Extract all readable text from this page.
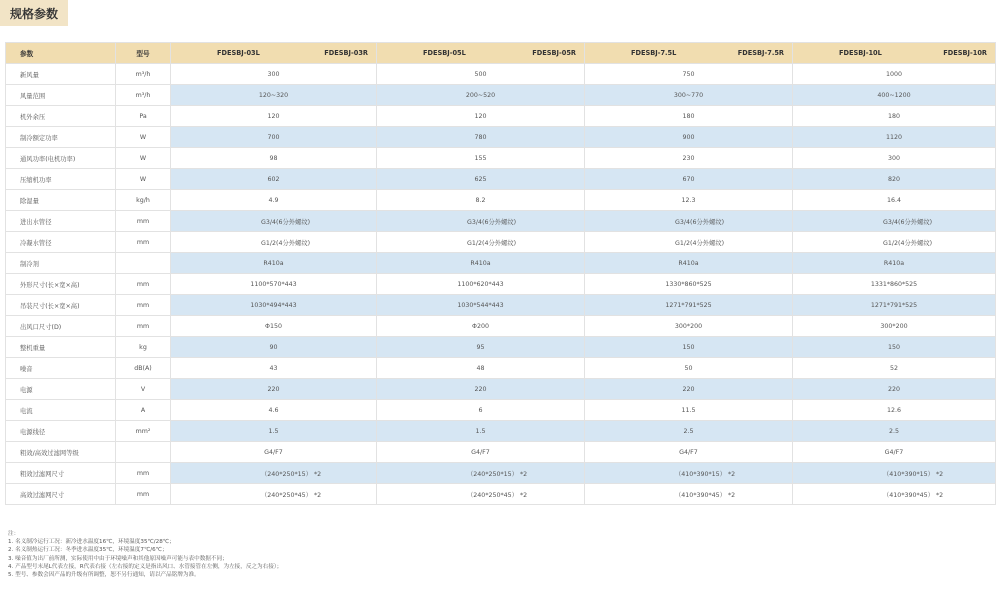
规格参数
参数	型号	FDESBJ-03L FDESBJ-03R	FDESBJ-05L FDESBJ-05R	FDESBJ-7.5L FDESBJ-7.5R	FDESBJ-10L FDESBJ-10R

新风量	m³/h	300	500	750	1000
风量范围	m³/h	120~320	200~520	300~770	400~1200
机外余压	Pa	120	120	180	180
制冷额定功率	W	700	780	900	1120
通风功率(电机功率)	W	98	155	230	300
压缩机功率	W	602	625	670	820
除湿量	kg/h	4.9	8.2	12.3	16.4
进出水管径	mm	G3/4(6分外螺纹)	G3/4(6分外螺纹)	G3/4(6分外螺纹)	G3/4(6分外螺纹)
冷凝水管径	mm	G1/2(4分外螺纹)	G1/2(4分外螺纹)	G1/2(4分外螺纹)	G1/2(4分外螺纹)
制冷剂		R410a	R410a	R410a	R410a
外形尺寸(长×宽×高)	mm	1100*570*443	1100*620*443	1330*860*525	1331*860*525
吊装尺寸(长×宽×高)	mm	1030*494*443	1030*544*443	1271*791*525	1271*791*525
出风口尺寸(D)	mm	Φ150	Φ200	300*200	300*200
整机重量	kg	90	95	150	150
噪音	dB(A)	43	48	50	52
电源	V	220	220	220	220
电流	A	4.6	6	11.5	12.6
电源线径	mm²	1.5	1.5	2.5	2.5
粗效/高效过滤网等级		G4/F7	G4/F7	G4/F7	G4/F7
粗效过滤网尺寸	mm	（240*250*15） *2	（240*250*15） *2	（410*390*15） *2	（410*390*15） *2
高效过滤网尺寸	mm	（240*250*45） *2	（240*250*45） *2	（410*390*45） *2	（410*390*45） *2
注：
1. 名义制冷运行工况：新冷进水温度16℃，环境温度35℃/28℃；
2. 名义制热运行工况：冬季进水温度35℃，环境温度7℃/6℃；
3. 噪音值为出厂前所测，实际使用中由于环境噪声和其他原因噪声可能与表中数据不同；
4. 产品型号末尾L代表左接，R代表右接（左右接的定义是指出风口、水管接管在左侧，为左接，反之为右接）；
5. 型号、参数会因产品的升级有所调整，恕不另行通知，请以产品铭牌为准。
